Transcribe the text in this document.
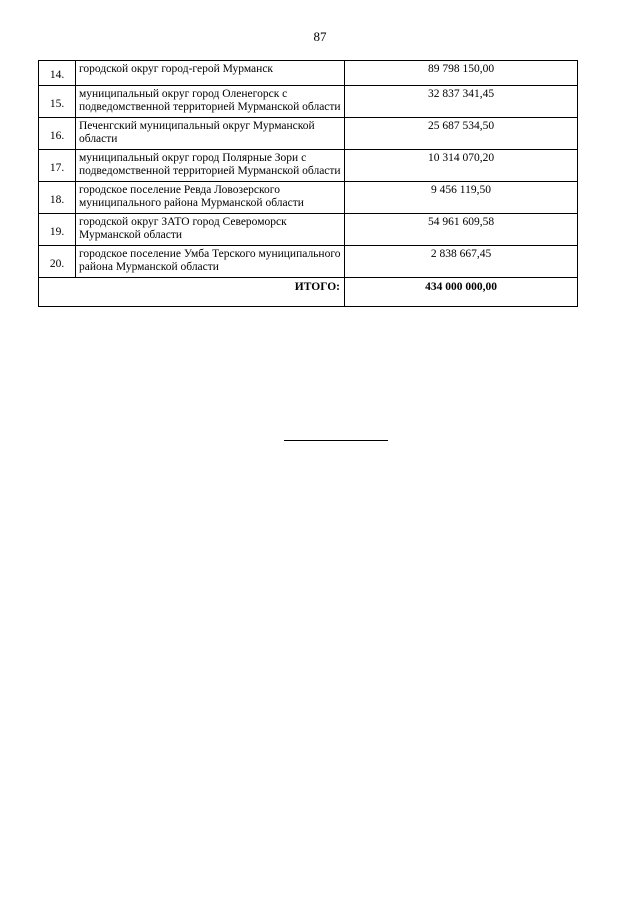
87
14.	городской округ город-герой Мурманск	89 798 150,00
15.	муниципальный округ город Оленегорск с подведомственной территорией Мурманской области	32 837 341,45
16.	Печенгский муниципальный округ Мурманской области	25 687 534,50
17.	муниципальный округ город Полярные Зори с подведомственной территорией Мурманской области	10 314 070,20
18.	городское поселение Ревда Ловозерского муниципального района Мурманской области	9 456 119,50
19.	городской округ ЗАТО город Североморск Мурманской области	54 961 609,58
20.	городское поселение Умба Терского муниципального района Мурманской области	2 838 667,45
ИТОГО:		434 000 000,00
